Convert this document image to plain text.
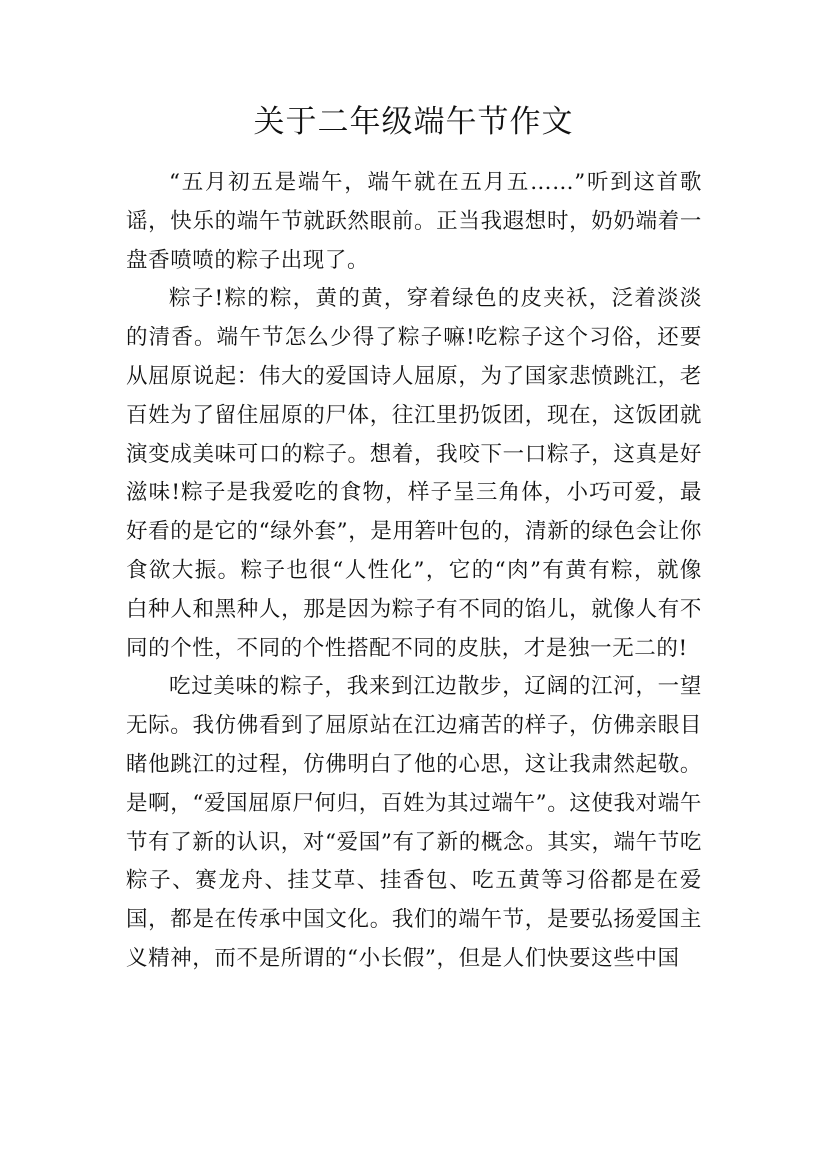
关于二年级端午节作文

“五月初五是端午，端午就在五月五……”听到这首歌谣，快乐的端午节就跃然眼前。正当我遐想时，奶奶端着一盘香喷喷的粽子出现了。

粽子!粽的粽，黄的黄，穿着绿色的皮夹袄，泛着淡淡的清香。端午节怎么少得了粽子嘛!吃粽子这个习俗，还要从屈原说起：伟大的爱国诗人屈原，为了国家悲愤跳江，老百姓为了留住屈原的尸体，往江里扔饭团，现在，这饭团就演变成美味可口的粽子。想着，我咬下一口粽子，这真是好滋味!粽子是我爱吃的食物，样子呈三角体，小巧可爱，最好看的是它的“绿外套”，是用箬叶包的，清新的绿色会让你食欲大振。粽子也很“人性化”，它的“肉”有黄有粽，就像白种人和黑种人，那是因为粽子有不同的馅儿，就像人有不同的个性，不同的个性搭配不同的皮肤，才是独一无二的!

吃过美味的粽子，我来到江边散步，辽阔的江河，一望无际。我仿佛看到了屈原站在江边痛苦的样子，仿佛亲眼目睹他跳江的过程，仿佛明白了他的心思，这让我肃然起敬。是啊，“爱国屈原尸何归，百姓为其过端午”。这使我对端午节有了新的认识，对“爱国”有了新的概念。其实，端午节吃粽子、赛龙舟、挂艾草、挂香包、吃五黄等习俗都是在爱国，都是在传承中国文化。我们的端午节，是要弘扬爱国主义精神，而不是所谓的“小长假”，但是人们快要这些中国
